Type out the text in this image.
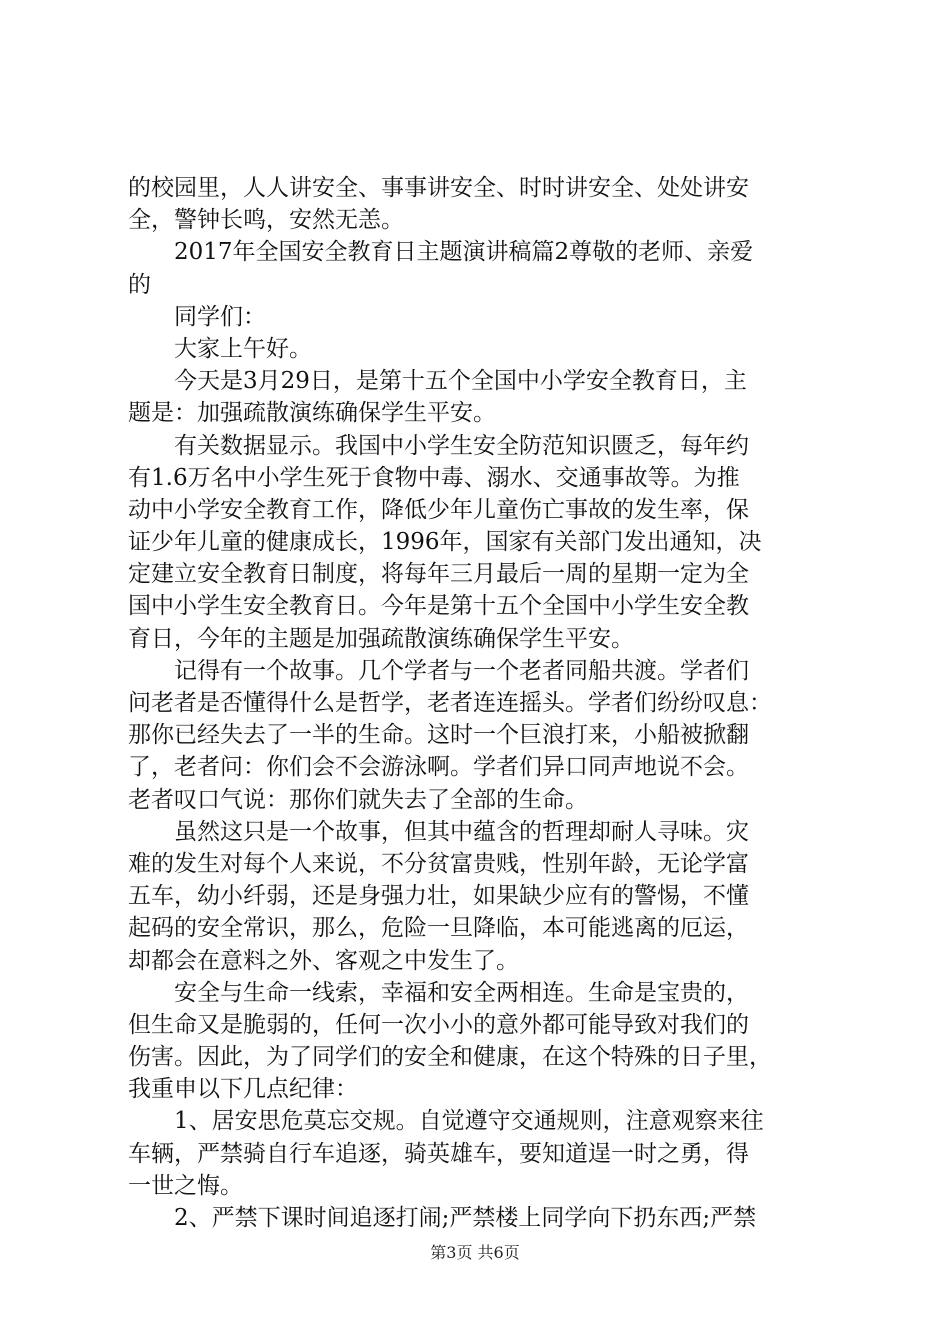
的校园里，人人讲安全、事事讲安全、时时讲安全、处处讲安
全，警钟长鸣，安然无恙。
　　2017年全国安全教育日主题演讲稿篇2尊敬的老师、亲爱
的
　　同学们：
　　大家上午好。
　　今天是3月29日，是第十五个全国中小学安全教育日，主
题是：加强疏散演练确保学生平安。
　　有关数据显示。我国中小学生安全防范知识匮乏，每年约
有1.6万名中小学生死于食物中毒、溺水、交通事故等。为推
动中小学安全教育工作，降低少年儿童伤亡事故的发生率，保
证少年儿童的健康成长，1996年，国家有关部门发出通知，决
定建立安全教育日制度，将每年三月最后一周的星期一定为全
国中小学生安全教育日。今年是第十五个全国中小学生安全教
育日，今年的主题是加强疏散演练确保学生平安。
　　记得有一个故事。几个学者与一个老者同船共渡。学者们
问老者是否懂得什么是哲学，老者连连摇头。学者们纷纷叹息：
那你已经失去了一半的生命。这时一个巨浪打来，小船被掀翻
了，老者问：你们会不会游泳啊。学者们异口同声地说不会。
老者叹口气说：那你们就失去了全部的生命。
　　虽然这只是一个故事，但其中蕴含的哲理却耐人寻味。灾
难的发生对每个人来说，不分贫富贵贱，性别年龄，无论学富
五车，幼小纤弱，还是身强力壮，如果缺少应有的警惕，不懂
起码的安全常识，那么，危险一旦降临，本可能逃离的厄运，
却都会在意料之外、客观之中发生了。
　　安全与生命一线索，幸福和安全两相连。生命是宝贵的，
但生命又是脆弱的，任何一次小小的意外都可能导致对我们的
伤害。因此，为了同学们的安全和健康，在这个特殊的日子里，
我重申以下几点纪律：
　　1、居安思危莫忘交规。自觉遵守交通规则，注意观察来往
车辆，严禁骑自行车追逐，骑英雄车，要知道逞一时之勇，得
一世之悔。
　　2、严禁下课时间追逐打闹;严禁楼上同学向下扔东西;严禁
第3页 共6页
